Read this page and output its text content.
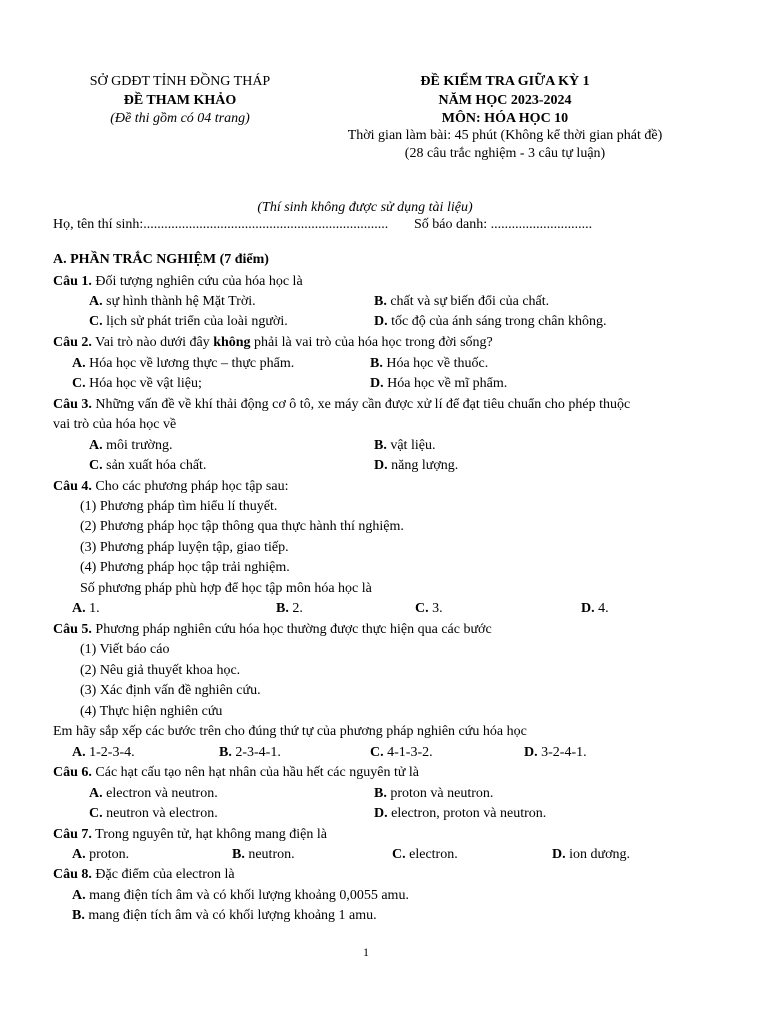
SỞ GDĐT TỈNH ĐỒNG THÁP
ĐỀ THAM KHẢO
(Đề thi gồm có 04 trang)
ĐỀ KIỂM TRA GIỮA KỲ 1
NĂM HỌC 2023-2024
MÔN: HÓA HỌC 10
Thời gian làm bài: 45 phút (Không kể thời gian phát đề)
(28 câu trắc nghiệm - 3 câu tự luận)
(Thí sinh không được sử dụng tài liệu)
Họ, tên thí sinh:...................................................................... Số báo danh: .............................
A. PHẦN TRẮC NGHIỆM (7 điểm)
Câu 1. Đối tượng nghiên cứu của hóa học là
A. sự hình thành hệ Mặt Trời.	B. chất và sự biến đổi của chất.
C. lịch sử phát triển của loài người.	D. tốc độ của ánh sáng trong chân không.
Câu 2. Vai trò nào dưới đây không phải là vai trò của hóa học trong đời sống?
A. Hóa học về lương thực – thực phẩm.	B. Hóa học về thuốc.
C. Hóa học về vật liệu;	D. Hóa học về mĩ phẩm.
Câu 3. Những vấn đề về khí thải động cơ ô tô, xe máy cần được xử lí để đạt tiêu chuẩn cho phép thuộc
vai trò của hóa học về
A. môi trường.	B. vật liệu.
C. sản xuất hóa chất.	D. năng lượng.
Câu 4. Cho các phương pháp học tập sau:
(1) Phương pháp tìm hiểu lí thuyết.
(2) Phương pháp học tập thông qua thực hành thí nghiệm.
(3) Phương pháp luyện tập, giao tiếp.
(4) Phương pháp học tập trải nghiệm.
Số phương pháp phù hợp để học tập môn hóa học là
A. 1.	B. 2.	C. 3.	D. 4.
Câu 5. Phương pháp nghiên cứu hóa học thường được thực hiện qua các bước
(1) Viết báo cáo
(2) Nêu giả thuyết khoa học.
(3) Xác định vấn đề nghiên cứu.
(4) Thực hiện nghiên cứu
Em hãy sắp xếp các bước trên cho đúng thứ tự của phương pháp nghiên cứu hóa học
A. 1-2-3-4.	B. 2-3-4-1.	C. 4-1-3-2.	D. 3-2-4-1.
Câu 6. Các hạt cấu tạo nên hạt nhân của hầu hết các nguyên tử là
A. electron và neutron.	B. proton và neutron.
C. neutron và electron.	D. electron, proton và neutron.
Câu 7. Trong nguyên tử, hạt không mang điện là
A. proton.	B. neutron.	C. electron.	D. ion dương.
Câu 8. Đặc điểm của electron là
A. mang điện tích âm và có khối lượng khoảng 0,0055 amu.
B. mang điện tích âm và có khối lượng khoảng 1 amu.
1
